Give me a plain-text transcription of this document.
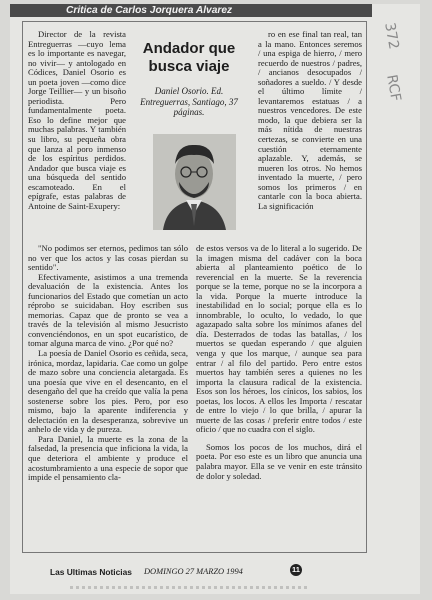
Critica de Carlos Jorquera Alvarez

Director de la revista Entreguerras —cuyo lema es lo importante es navegar, no vivir— y antologado en Códices, Daniel Osorio es un poeta joven —como dice Jorge Teillier— y un bisoño periodista. Pero fundamentalmente poeta. Eso lo define mejor que muchas palabras. Y también su libro, su pequeña obra que lanza al poro inmenso de los espíritus perdidos. Andador que busca viaje es una búsqueda del sentido escamoteado. En el epígrafe, estas palabras de Antoine de Saint-Exupery:

Andador que busca viaje
Daniel Osorio. Ed. Entreguerras, Santiago, 37 páginas.

ro en ese final tan real, tan a la mano. Entonces seremos / una espiga de hierro, / mero recuerdo de nuestros / padres, / ancianos desocupados / soñadores a sueldo. / Y desde el último límite / levantaremos estatuas / a nuestros vencedores. De este modo, la que debiera ser la más nítida de nuestras certezas, se convierte en una cuestión eternamente aplazable. Y, además, se mueren los otros. No hemos inventado la muerte, / pero somos los primeros / en cantarle con la boca abierta. La significación

"No podimos ser eternos, pedimos tan sólo no ver que los actos y las cosas pierdan su sentido".

Efectivamente, asistimos a una tremenda devaluación de la existencia. Antes los funcionarios del Estado que cometían un acto réprobo se suicidaban. Hoy escriben sus memorias. Capaz que de pronto se vea a través de la televisión al mismo Jesucristo convenciéndonos, en un spot eucarístico, de tomar alguna marca de vino. ¿Por qué no?

La poesía de Daniel Osorio es ceñida, seca, irónica, mordaz, lapidaria. Cae como un golpe de mazo sobre una conciencia aletargada. Es una poesía que vive en el desencanto, en el desengaño del que ha creído que valía la pena sostenerse sobre los pies. Pero, por eso mismo, bajo la aparente indiferencia y delectación en la desesperanza, sobrevive un anhelo de vida y de pureza.

Para Daniel, la muerte es la zona de la falsedad, la presencia que inficiona la vida, la que deteriora el ambiente y produce el acostumbramiento a una especie de sopor que impide el pensamiento cla-

de estos versos va de lo literal a lo sugerido. De la imagen misma del cadáver con la boca abierta al planteamiento poético de lo reverencial en la muerte. Se la reverencia porque se la teme, porque no se la incorpora a la vida. Porque la muerte introduce la inestabilidad en lo social; porque ella es lo innombrable, lo oculto, lo vedado, lo que agazapado salta sobre los mínimos afanes del día. Desterrados de todas las batallas, / los muertos se quedan esperando / que alguien venga y que los marque, / aunque sea para entrar / al filo del partido. Pero entre estos muertos hay también seres a quienes no les importa la clausura radical de la existencia. Esos son los héroes, los cínicos, los sabios, los poetas, los locos. A ellos les Importa / rescatar de entre lo viejo / lo que brilla, / apurar la muerte de las cosas / preferir entre todos / este oficio / que no cuadra con el siglo.

Somos los pocos de los muchos, dirá el poeta. Por eso este es un libro que anuncia una palabra mayor. Ella se ve venir en este tránsito de dolor y soledad.

Las Ultimas Noticias DOMINGO 27 MARZO 1994	11
372
RCF
